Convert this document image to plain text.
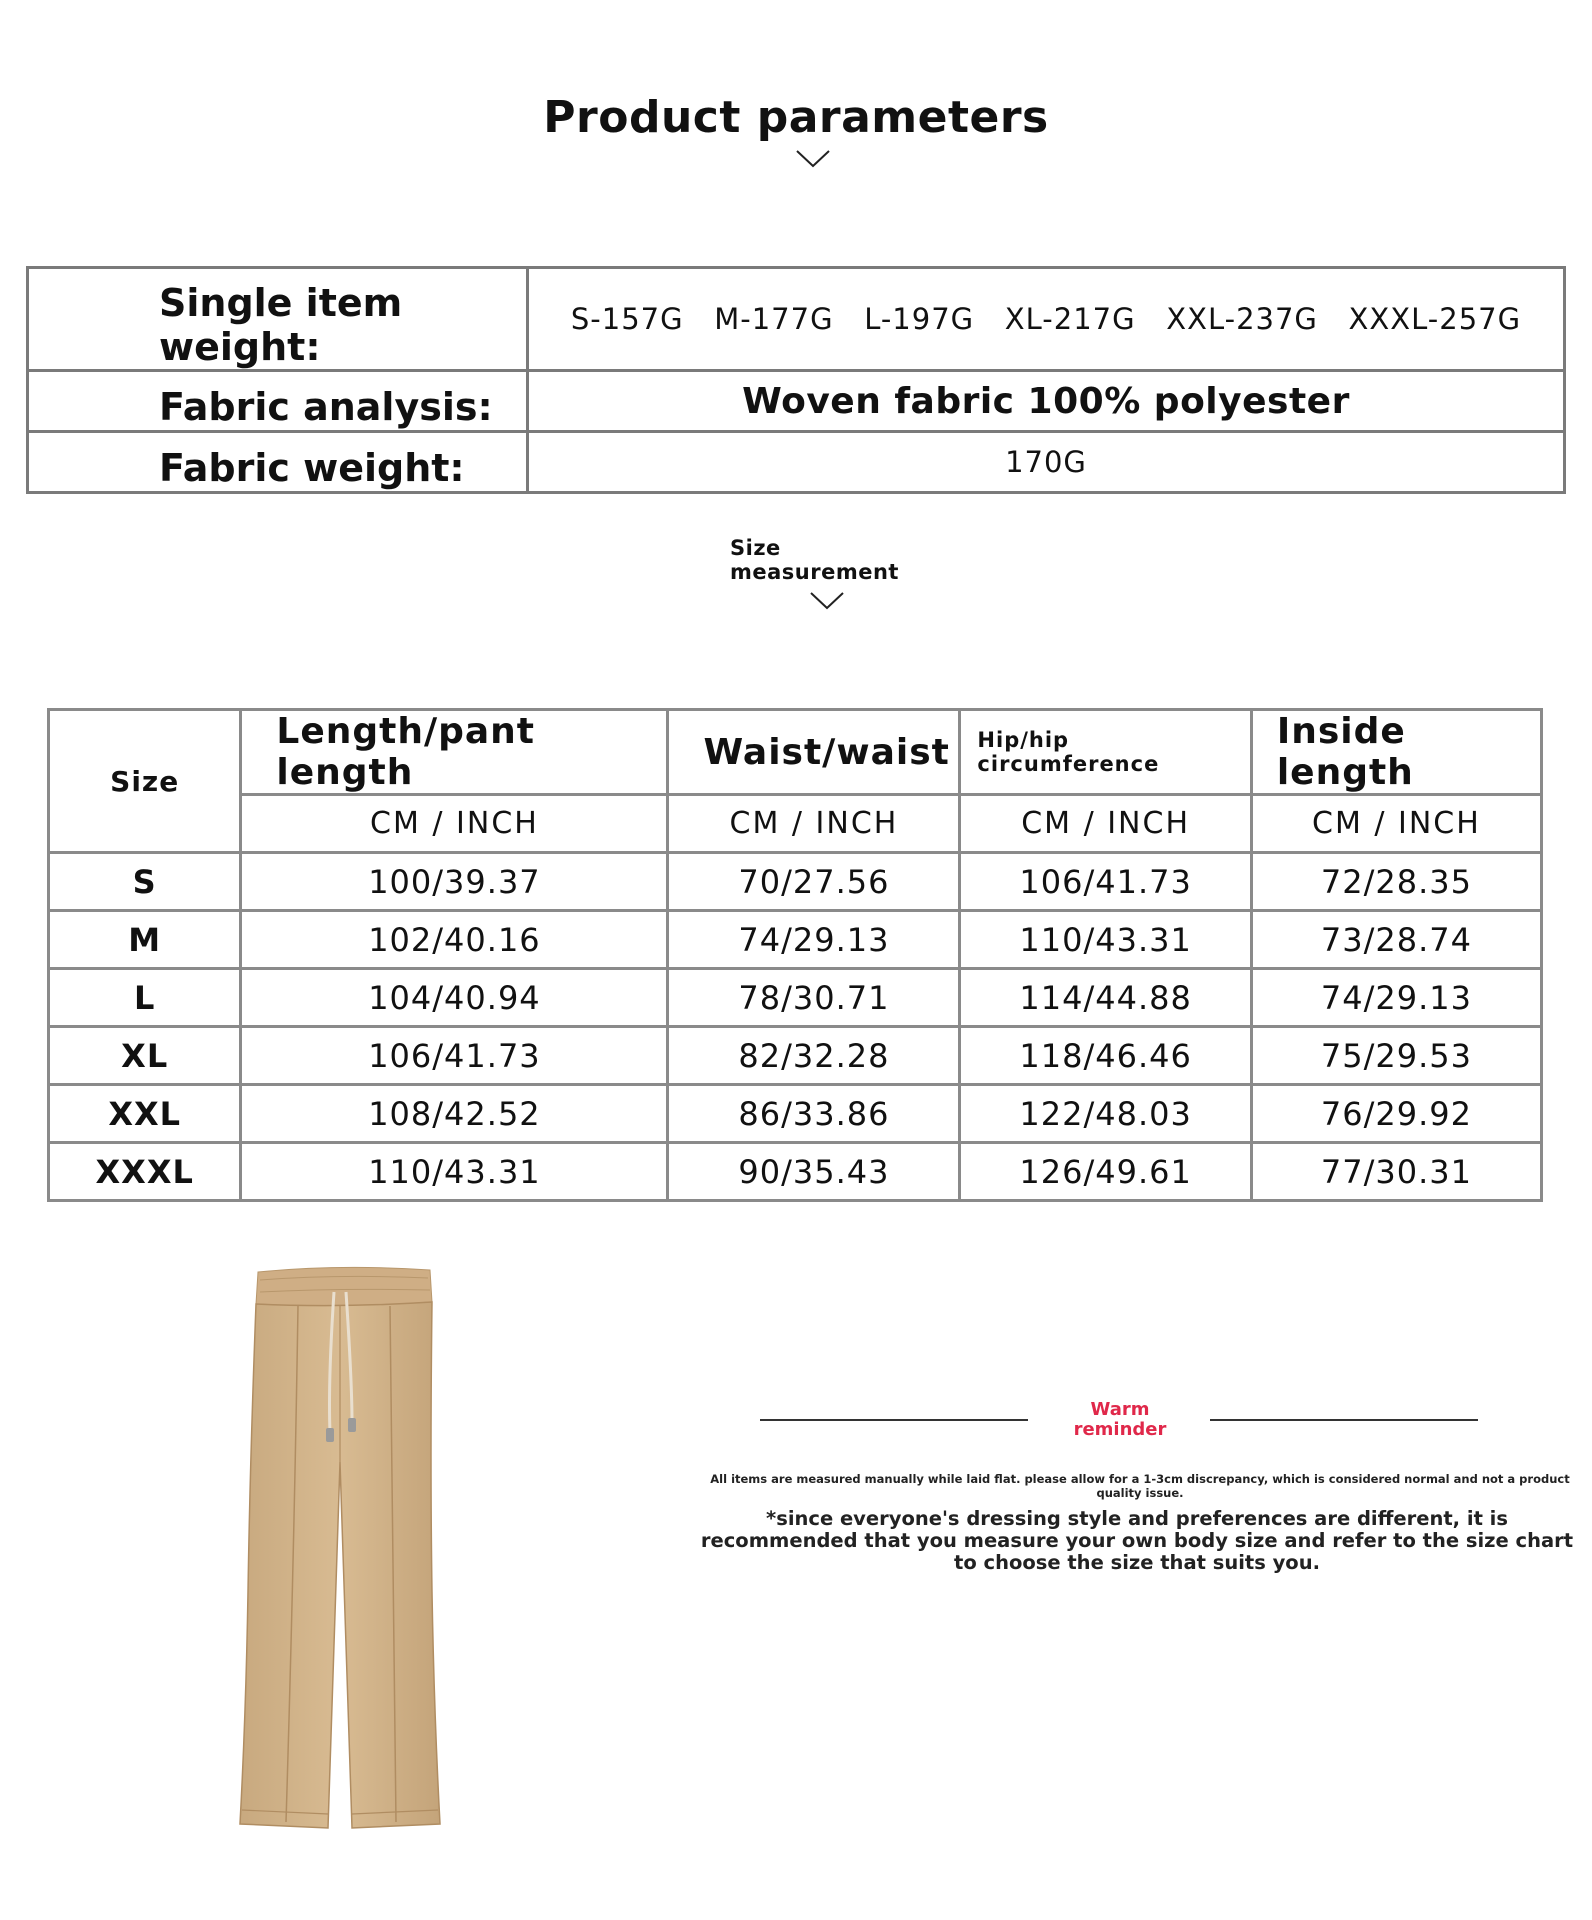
Product parameters
Single item weight:	S-157G   M-177G   L-197G   XL-217G   XXL-237G   XXXL-257G
Fabric analysis:	Woven fabric 100% polyester
Fabric weight:	170G
Size
measurement
Size	Length/pant length	Waist/waist	Hip/hip circumference	Inside length
	CM / INCH	CM / INCH	CM / INCH	CM / INCH
S	100/39.37	70/27.56	106/41.73	72/28.35
M	102/40.16	74/29.13	110/43.31	73/28.74
L	104/40.94	78/30.71	114/44.88	74/29.13
XL	106/41.73	82/32.28	118/46.46	75/29.53
XXL	108/42.52	86/33.86	122/48.03	76/29.92
XXXL	110/43.31	90/35.43	126/49.61	77/30.31
Warm
reminder
All items are measured manually while laid flat. please allow for a 1-3cm discrepancy, which is considered normal and not a product quality issue.
*since everyone's dressing style and preferences are different, it is recommended that you measure your own body size and refer to the size chart to choose the size that suits you.
